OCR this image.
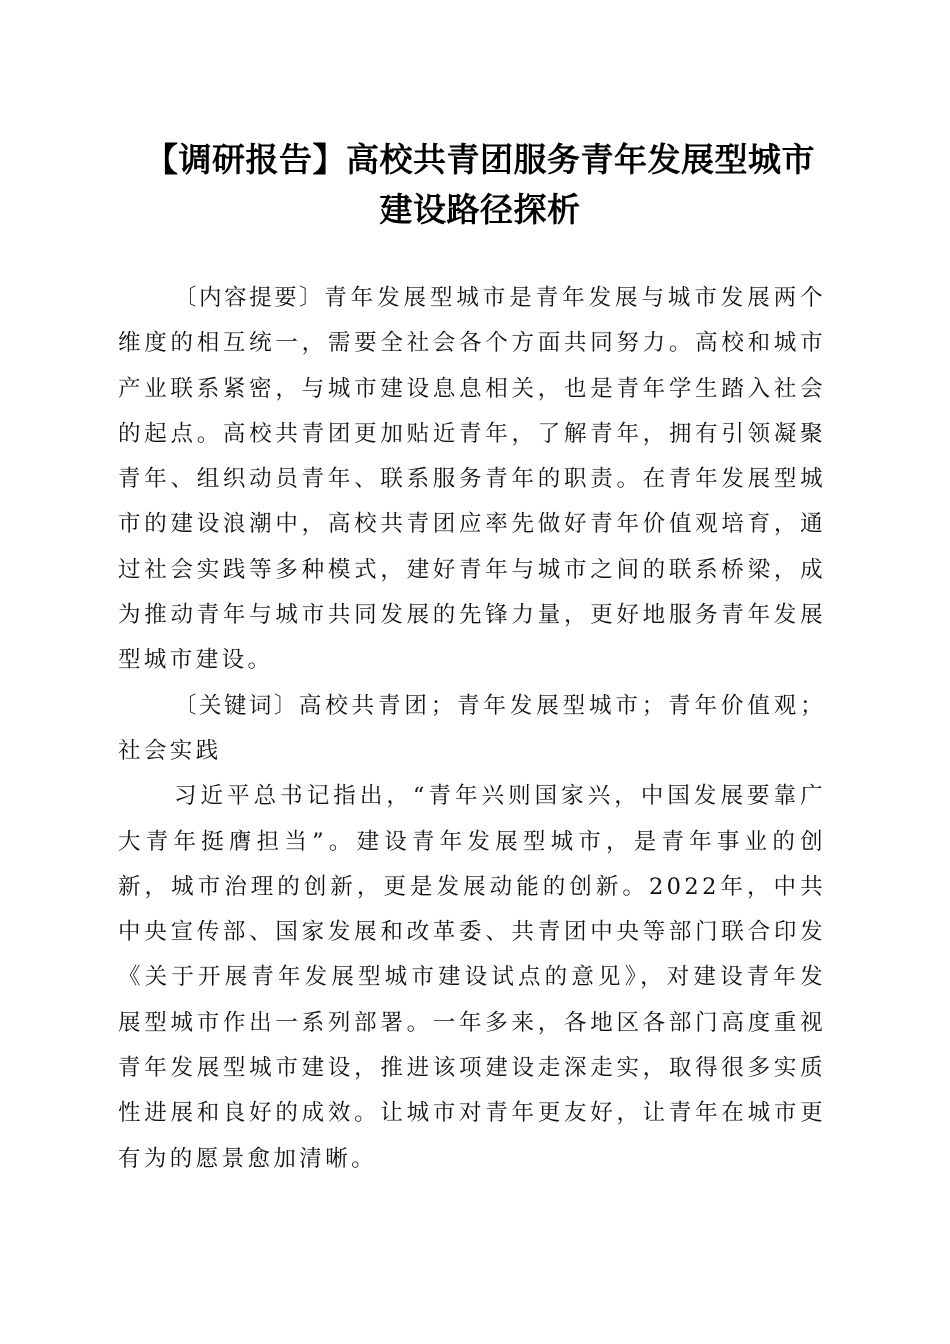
【调研报告】高校共青团服务青年发展型城市
建设路径探析

〔内容提要〕青年发展型城市是青年发展与城市发展两个维度的相互统一，需要全社会各个方面共同努力。高校和城市产业联系紧密，与城市建设息息相关，也是青年学生踏入社会的起点。高校共青团更加贴近青年，了解青年，拥有引领凝聚青年、组织动员青年、联系服务青年的职责。在青年发展型城市的建设浪潮中，高校共青团应率先做好青年价值观培育，通过社会实践等多种模式，建好青年与城市之间的联系桥梁，成为推动青年与城市共同发展的先锋力量，更好地服务青年发展型城市建设。

〔关键词〕高校共青团；青年发展型城市；青年价值观；社会实践

习近平总书记指出，“青年兴则国家兴，中国发展要靠广大青年挺膺担当”。建设青年发展型城市，是青年事业的创新，城市治理的创新，更是发展动能的创新。2022年，中共中央宣传部、国家发展和改革委、共青团中央等部门联合印发《关于开展青年发展型城市建设试点的意见》，对建设青年发展型城市作出一系列部署。一年多来，各地区各部门高度重视青年发展型城市建设，推进该项建设走深走实，取得很多实质性进展和良好的成效。让城市对青年更友好，让青年在城市更有为的愿景愈加清晰。
